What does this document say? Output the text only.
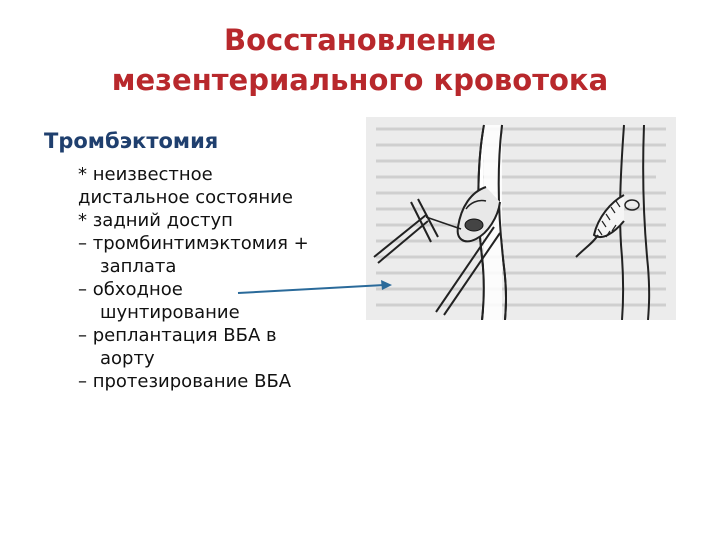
Восстановление
мезентериального кровотока
Тромбэктомия
* неизвестное
дистальное состояние
* задний доступ
– тромбинтимэктомия +
заплата
– обходное
шунтирование
– реплантация ВБА в
аорту
– протезирование ВБА
